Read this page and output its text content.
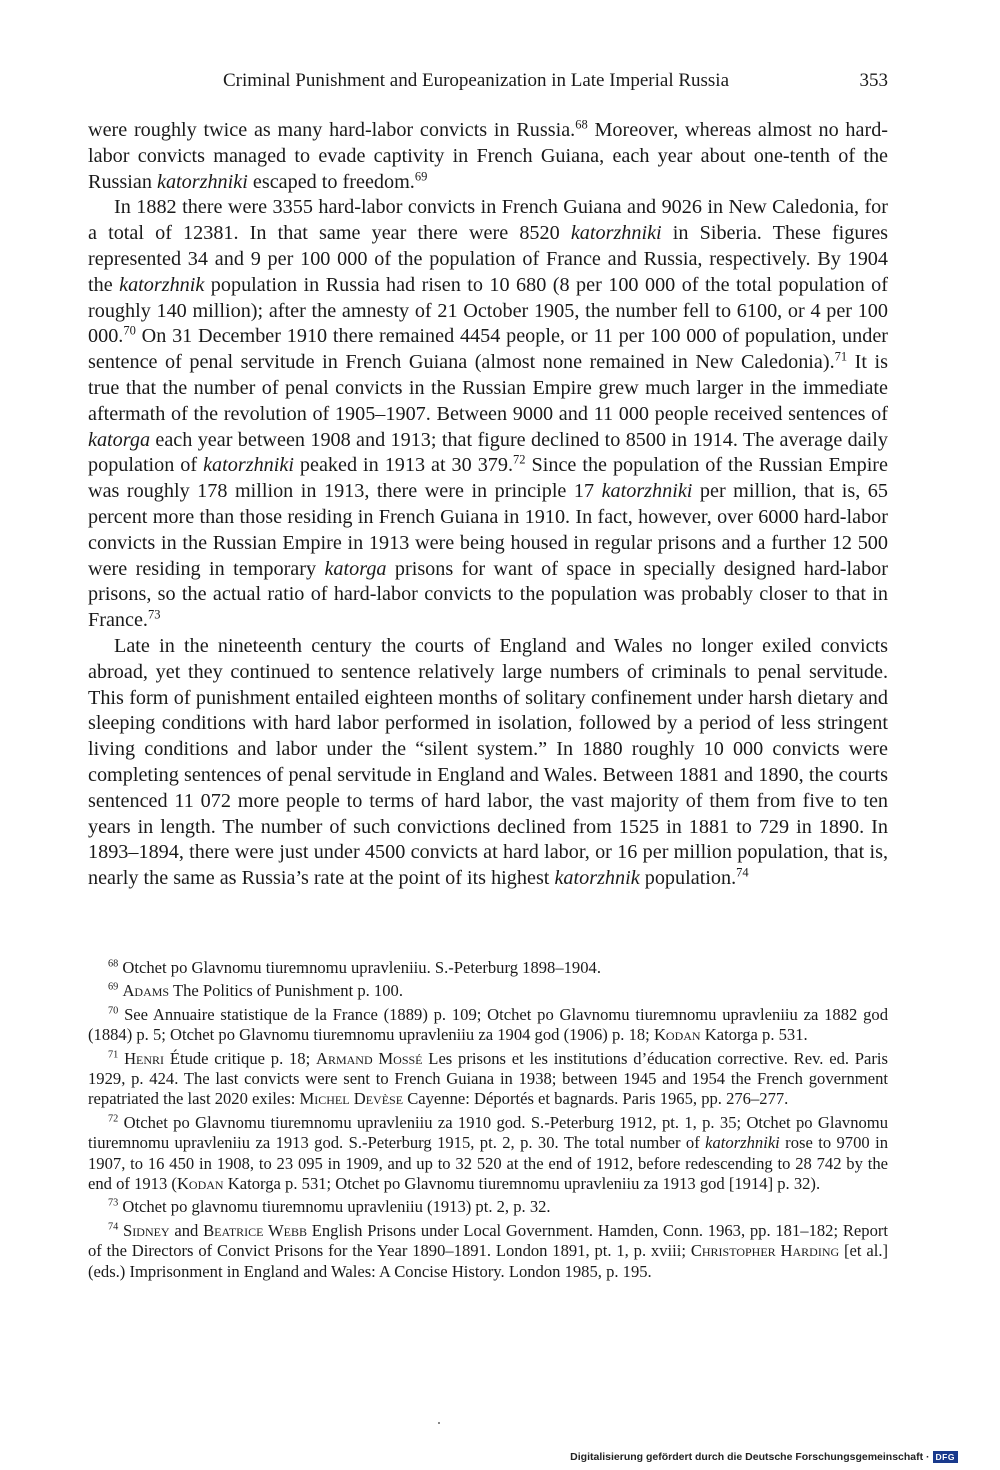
Criminal Punishment and Europeanization in Late Imperial Russia	353

were roughly twice as many hard-labor convicts in Russia.$^{68}$ Moreover, whereas almost no hard-labor convicts managed to evade captivity in French Guiana, each year about one-tenth of the Russian katorzhniki escaped to freedom.$^{69}$

In 1882 there were 3355 hard-labor convicts in French Guiana and 9026 in New Caledonia, for a total of 12381. In that same year there were 8520 katorzhniki in Siberia. These figures represented 34 and 9 per 100 000 of the population of France and Russia, respectively. By 1904 the katorzhnik population in Russia had risen to 10 680 (8 per 100 000 of the total population of roughly 140 million); after the amnesty of 21 October 1905, the number fell to 6100, or 4 per 100 000.70 On 31 December 1910 there remained 4454 people, or 11 per 100 000 of population, under sentence of penal servitude in French Guiana (almost none remained in New Caledonia).$^{71}$ It is true that the number of penal convicts in the Russian Empire grew much larger in the immediate aftermath of the revolution of 1905–1907. Between 9000 and 11 000 people received sentences of katorga each year between 1908 and 1913; that figure declined to 8500 in 1914. The average daily population of katorzhniki peaked in 1913 at 30 379.72 Since the population of the Russian Empire was roughly 178 million in 1913, there were in principle 17 katorzhniki per million, that is, 65 percent more than those residing in French Guiana in 1910. In fact, however, over 6000 hard-labor convicts in the Russian Empire in 1913 were being housed in regular prisons and a further 12 500 were residing in temporary katorga prisons for want of space in specially designed hard-labor prisons, so the actual ratio of hard-labor convicts to the population was probably closer to that in France.$^{73}$

Late in the nineteenth century the courts of England and Wales no longer exiled convicts abroad, yet they continued to sentence relatively large numbers of criminals to penal servitude. This form of punishment entailed eighteen months of solitary confinement under harsh dietary and sleeping conditions with hard labor performed in isolation, followed by a period of less stringent living conditions and labor under the “silent system.” In 1880 roughly 10 000 convicts were completing sentences of penal servitude in England and Wales. Between 1881 and 1890, the courts sentenced 11 072 more people to terms of hard labor, the vast majority of them from five to ten years in length. The number of such convictions declined from 1525 in 1881 to 729 in 1890. In 1893–1894, there were just under 4500 convicts at hard labor, or 16 per million population, that is, nearly the same as Russia’s rate at the point of its highest katorzhnik population.$^{74}$

$^{68}$ Otchet po Glavnomu tiuremnomu upravleniiu. S.-Peterburg 1898–1904.

$^{69}$ Adams The Politics of Punishment p. 100.

$^{70}$ See Annuaire statistique de la France (1889) p. 109; Otchet po Glavnomu tiuremnomu upravleniiu za 1882 god (1884) p. 5; Otchet po Glavnomu tiuremnomu upravleniiu za 1904 god (1906) p. 18; Kodan Katorga p. 531.

$^{71}$ Henri Étude critique p. 18; Armand Mossé Les prisons et les institutions d’éducation corrective. Rev. ed. Paris 1929, p. 424. The last convicts were sent to French Guiana in 1938; between 1945 and 1954 the French government repatriated the last 2020 exiles: Michel Devèse Cayenne: Déportés et bagnards. Paris 1965, pp. 276–277.

$^{72}$ Otchet po Glavnomu tiuremnomu upravleniiu za 1910 god. S.-Peterburg 1912, pt. 1, p. 35; Otchet po Glavnomu tiuremnomu upravleniiu za 1913 god. S.-Peterburg 1915, pt. 2, p. 30. The total number of katorzhniki rose to 9700 in 1907, to 16 450 in 1908, to 23 095 in 1909, and up to 32 520 at the end of 1912, before redescending to 28 742 by the end of 1913 (Kodan Katorga p. 531; Otchet po Glavnomu tiuremnomu upravleniiu za 1913 god [1914] p. 32).

$^{73}$ Otchet po glavnomu tiuremnomu upravleniiu (1913) pt. 2, p. 32.

$^{74}$ Sidney and Beatrice Webb English Prisons under Local Government. Hamden, Conn. 1963, pp. 181–182; Report of the Directors of Convict Prisons for the Year 1890–1891. London 1891, pt. 1, p. xviii; Christopher Harding [et al.] (eds.) Imprisonment in England and Wales: A Concise History. London 1985, p. 195.

Digitalisierung gefördert durch die Deutsche Forschungsgemeinschaft · DFG
